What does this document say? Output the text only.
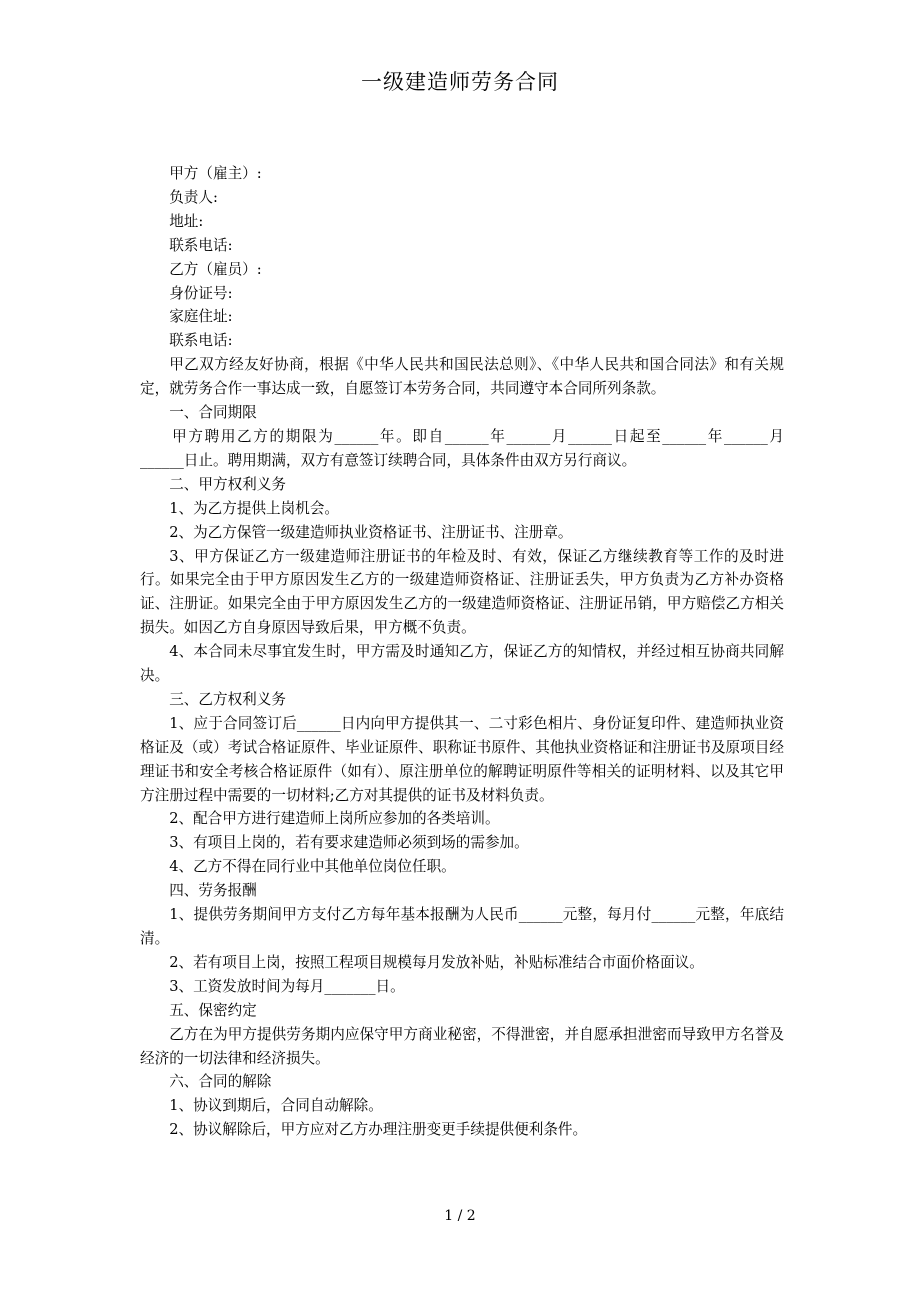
一级建造师劳务合同

甲方（雇主）:

负责人:

地址:

联系电话:

乙方（雇员）:

身份证号:

家庭住址:

联系电话:

甲乙双方经友好协商，根据《中华人民共和国民法总则》、《中华人民共和国合同法》和有关规定，就劳务合作一事达成一致，自愿签订本劳务合同，共同遵守本合同所列条款。

一、合同期限

甲方聘用乙方的期限为______年。即自______年______月______日起至______年______月______日止。聘用期满，双方有意签订续聘合同，具体条件由双方另行商议。

二、甲方权利义务

1、为乙方提供上岗机会。

2、为乙方保管一级建造师执业资格证书、注册证书、注册章。

3、甲方保证乙方一级建造师注册证书的年检及时、有效，保证乙方继续教育等工作的及时进行。如果完全由于甲方原因发生乙方的一级建造师资格证、注册证丢失，甲方负责为乙方补办资格证、注册证。如果完全由于甲方原因发生乙方的一级建造师资格证、注册证吊销，甲方赔偿乙方相关损失。如因乙方自身原因导致后果，甲方概不负责。

4、本合同未尽事宜发生时，甲方需及时通知乙方，保证乙方的知情权，并经过相互协商共同解决。

三、乙方权利义务

1、应于合同签订后______日内向甲方提供其一、二寸彩色相片、身份证复印件、建造师执业资格证及（或）考试合格证原件、毕业证原件、职称证书原件、其他执业资格证和注册证书及原项目经理证书和安全考核合格证原件（如有）、原注册单位的解聘证明原件等相关的证明材料、以及其它甲方注册过程中需要的一切材料;乙方对其提供的证书及材料负责。

2、配合甲方进行建造师上岗所应参加的各类培训。

3、有项目上岗的，若有要求建造师必须到场的需参加。

4、乙方不得在同行业中其他单位岗位任职。

四、劳务报酬

1、提供劳务期间甲方支付乙方每年基本报酬为人民币______元整，每月付______元整，年底结清。

2、若有项目上岗，按照工程项目规模每月发放补贴，补贴标准结合市面价格面议。

3、工资发放时间为每月_______日。

五、保密约定

乙方在为甲方提供劳务期内应保守甲方商业秘密，不得泄密，并自愿承担泄密而导致甲方名誉及经济的一切法律和经济损失。

六、合同的解除

1、协议到期后，合同自动解除。

2、协议解除后，甲方应对乙方办理注册变更手续提供便利条件。

1 / 2
